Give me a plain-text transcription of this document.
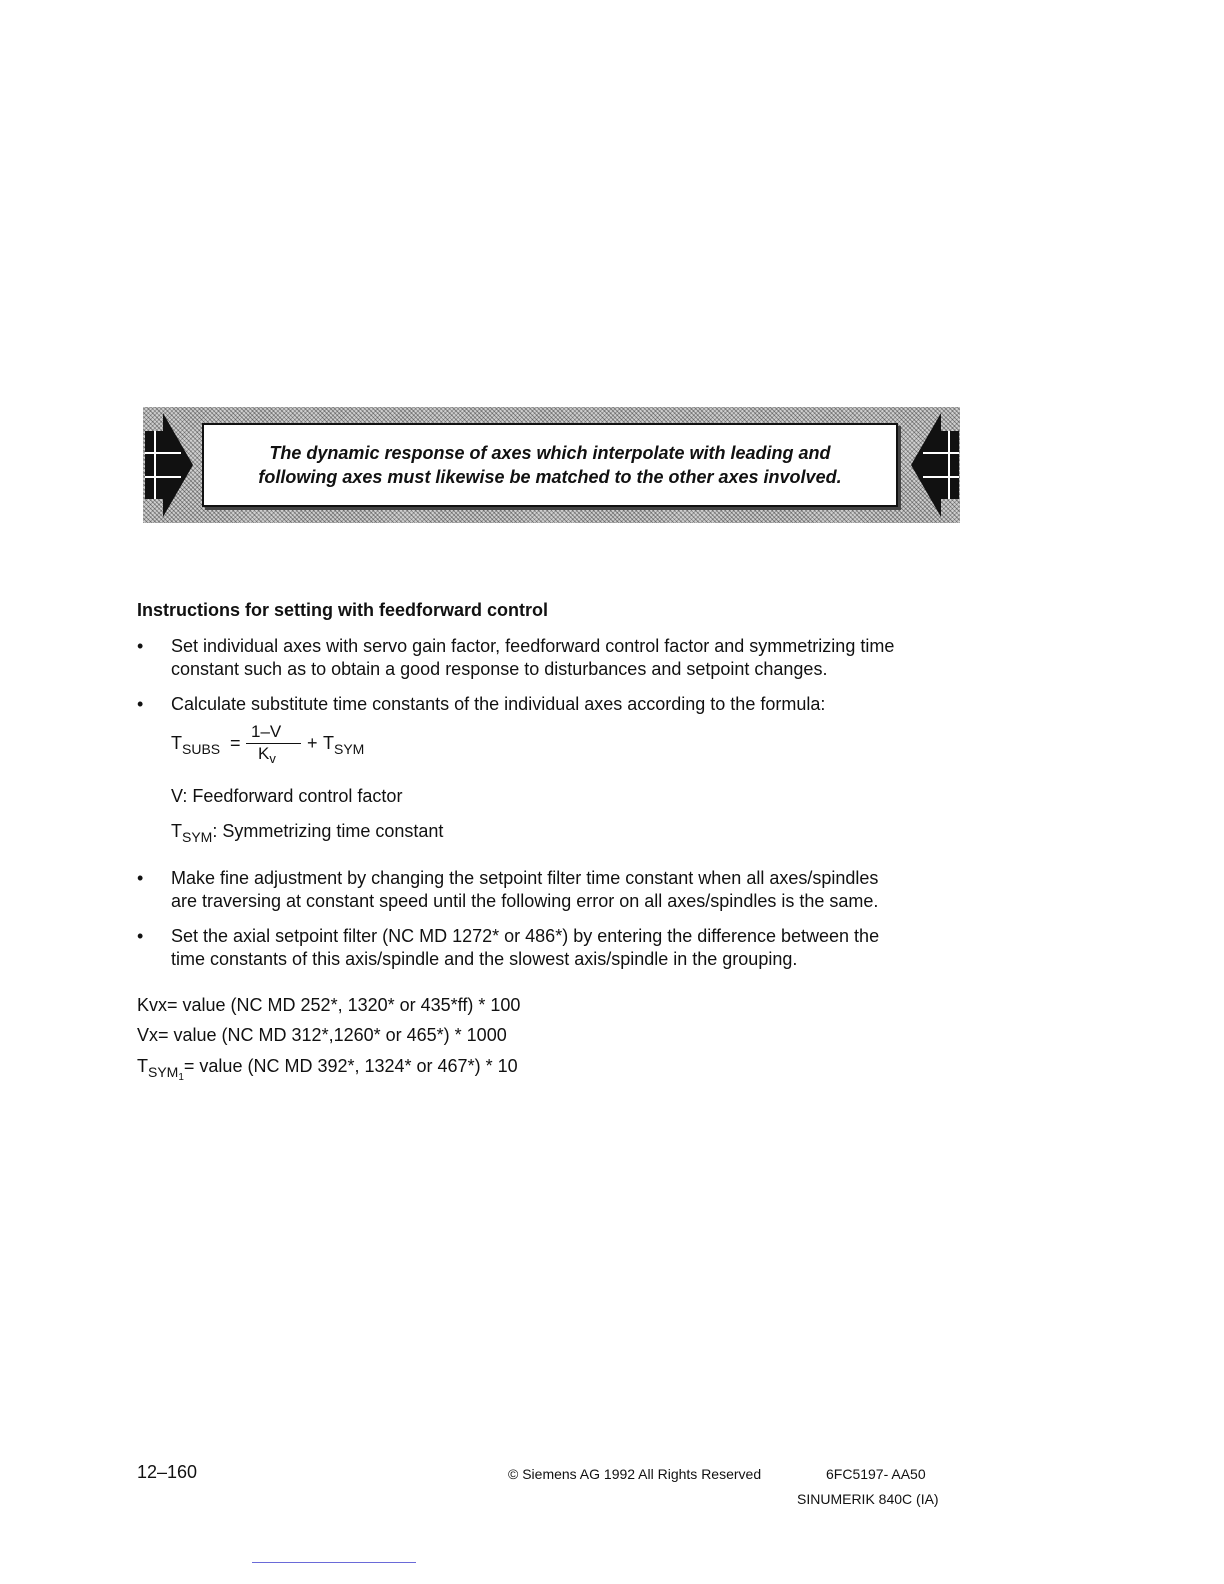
The dynamic response of axes which interpolate with leading and
following axes must likewise be matched to the other axes involved.
Instructions for setting with feedforward control
• Set individual axes with servo gain factor, feedforward control factor and symmetrizing time
constant such as to obtain a good response to disturbances and setpoint changes.
• Calculate substitute time constants of the individual axes according to the formula:
$T_{SUBS}$ =
1–V
$K_v$
+ $T_{SYM}$
V: Feedforward control factor
$T_{SYM}$: Symmetrizing time constant
• Make fine adjustment by changing the setpoint filter time constant when all axes/spindles
are traversing at constant speed until the following error on all axes/spindles is the same.
• Set the axial setpoint filter (NC MD 1272* or 486*) by entering the difference between the
time constants of this axis/spindle and the slowest axis/spindle in the grouping.
Kvx= value (NC MD 252*, 1320* or 435*ff) * 100
Vx= value (NC MD 312*,1260* or 465*) * 1000
$T_{SYM1}=$ value (NC MD 392*, 1324* or 467*) * 10
12–160	© Siemens AG 1992 All Rights Reserved	6FC5197- AA50
SINUMERIK 840C (IA)
